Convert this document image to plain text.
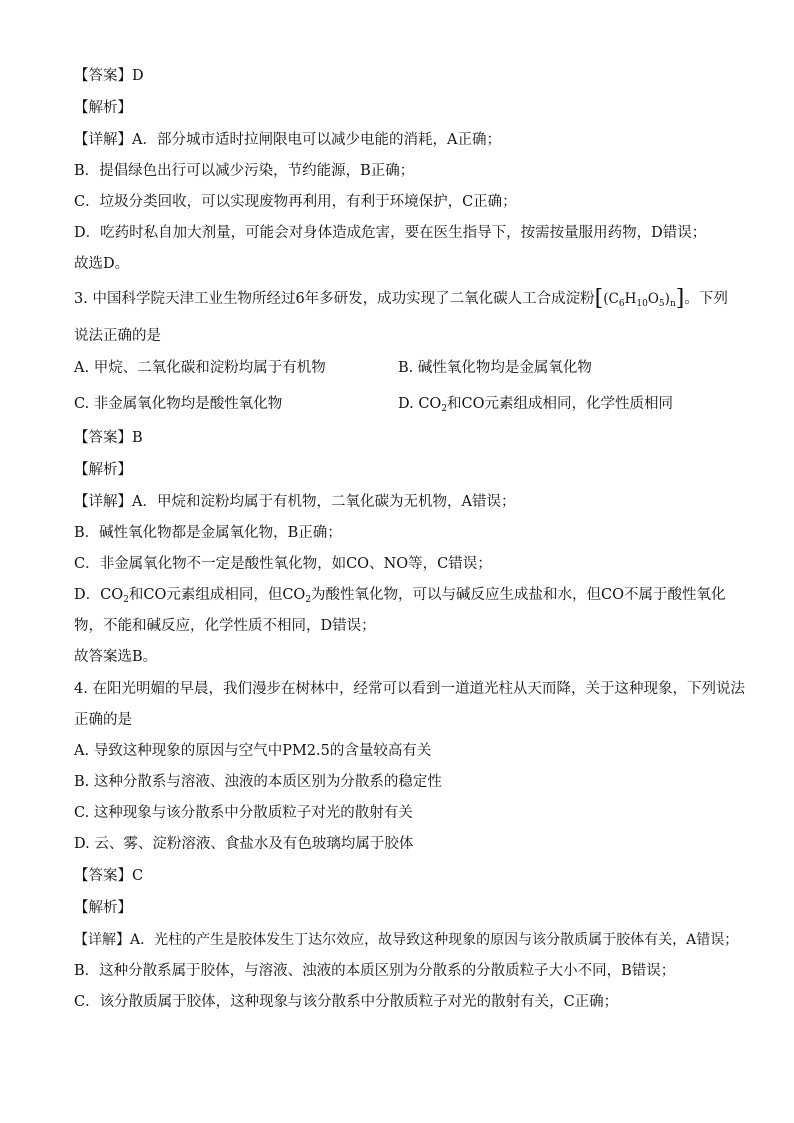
【答案】D
【解析】
【详解】A．部分城市适时拉闸限电可以减少电能的消耗，A正确；
B．提倡绿色出行可以减少污染，节约能源，B正确；
C．垃圾分类回收，可以实现废物再利用，有利于环境保护，C正确；
D．吃药时私自加大剂量，可能会对身体造成危害，要在医生指导下，按需按量服用药物，D错误；
故选D。
3. 中国科学院天津工业生物所经过6年多研发，成功实现了二氧化碳人工合成淀粉$[(C_6H_{10}O_5)_n]$。下列
说法正确的是
A. 甲烷、二氧化碳和淀粉均属于有机物	B. 碱性氧化物均是金属氧化物
C. 非金属氧化物均是酸性氧化物	D. $CO_2$和CO元素组成相同，化学性质相同
【答案】B
【解析】
【详解】A．甲烷和淀粉均属于有机物，二氧化碳为无机物，A错误；
B．碱性氧化物都是金属氧化物，B正确；
C．非金属氧化物不一定是酸性氧化物，如CO、NO等，C错误；
D．$CO_2$和CO元素组成相同，但$CO_2$为酸性氧化物，可以与碱反应生成盐和水，但CO不属于酸性氧化
物，不能和碱反应，化学性质不相同，D错误；
故答案选B。
4. 在阳光明媚的早晨，我们漫步在树林中，经常可以看到一道道光柱从天而降，关于这种现象，下列说法
正确的是
A. 导致这种现象的原因与空气中PM2.5的含量较高有关
B. 这种分散系与溶液、浊液的本质区别为分散系的稳定性
C. 这种现象与该分散系中分散质粒子对光的散射有关
D. 云、雾、淀粉溶液、食盐水及有色玻璃均属于胶体
【答案】C
【解析】
【详解】A．光柱的产生是胶体发生丁达尔效应，故导致这种现象的原因与该分散质属于胶体有关，A错误；
B．这种分散系属于胶体，与溶液、浊液的本质区别为分散系的分散质粒子大小不同，B错误；
C．该分散质属于胶体，这种现象与该分散系中分散质粒子对光的散射有关，C正确；
